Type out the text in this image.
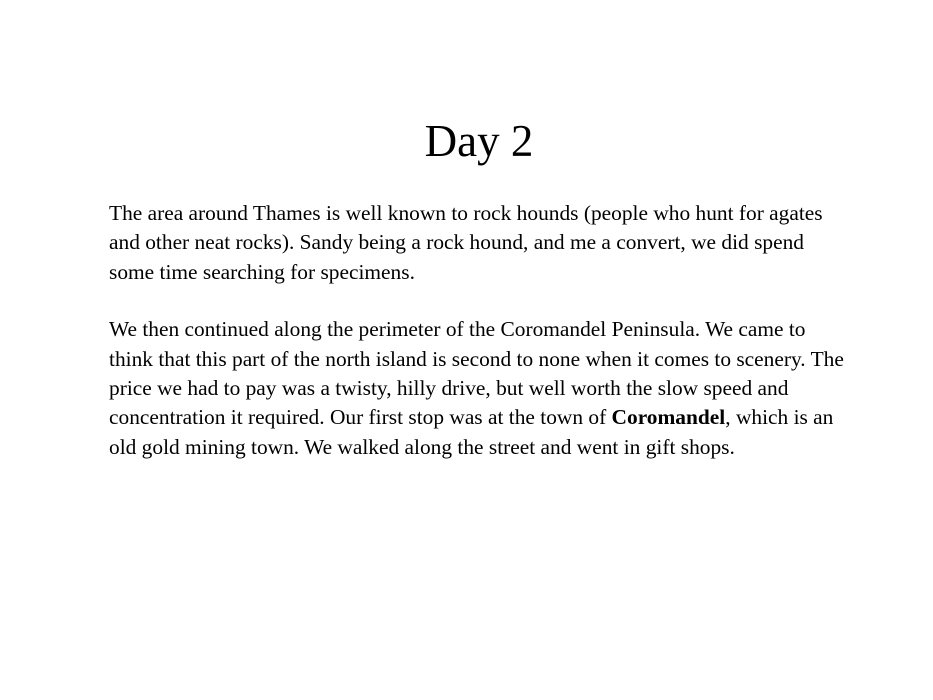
Day 2

The area around Thames is well known to rock hounds (people who hunt for agates and other neat rocks). Sandy being a rock hound, and me a convert, we did spend some time searching for specimens.

We then continued along the perimeter of the Coromandel Peninsula. We came to think that this part of the north island is second to none when it comes to scenery. The price we had to pay was a twisty, hilly drive, but well worth the slow speed and concentration it required. Our first stop was at the town of Coromandel, which is an old gold mining town. We walked along the street and went in gift shops.
